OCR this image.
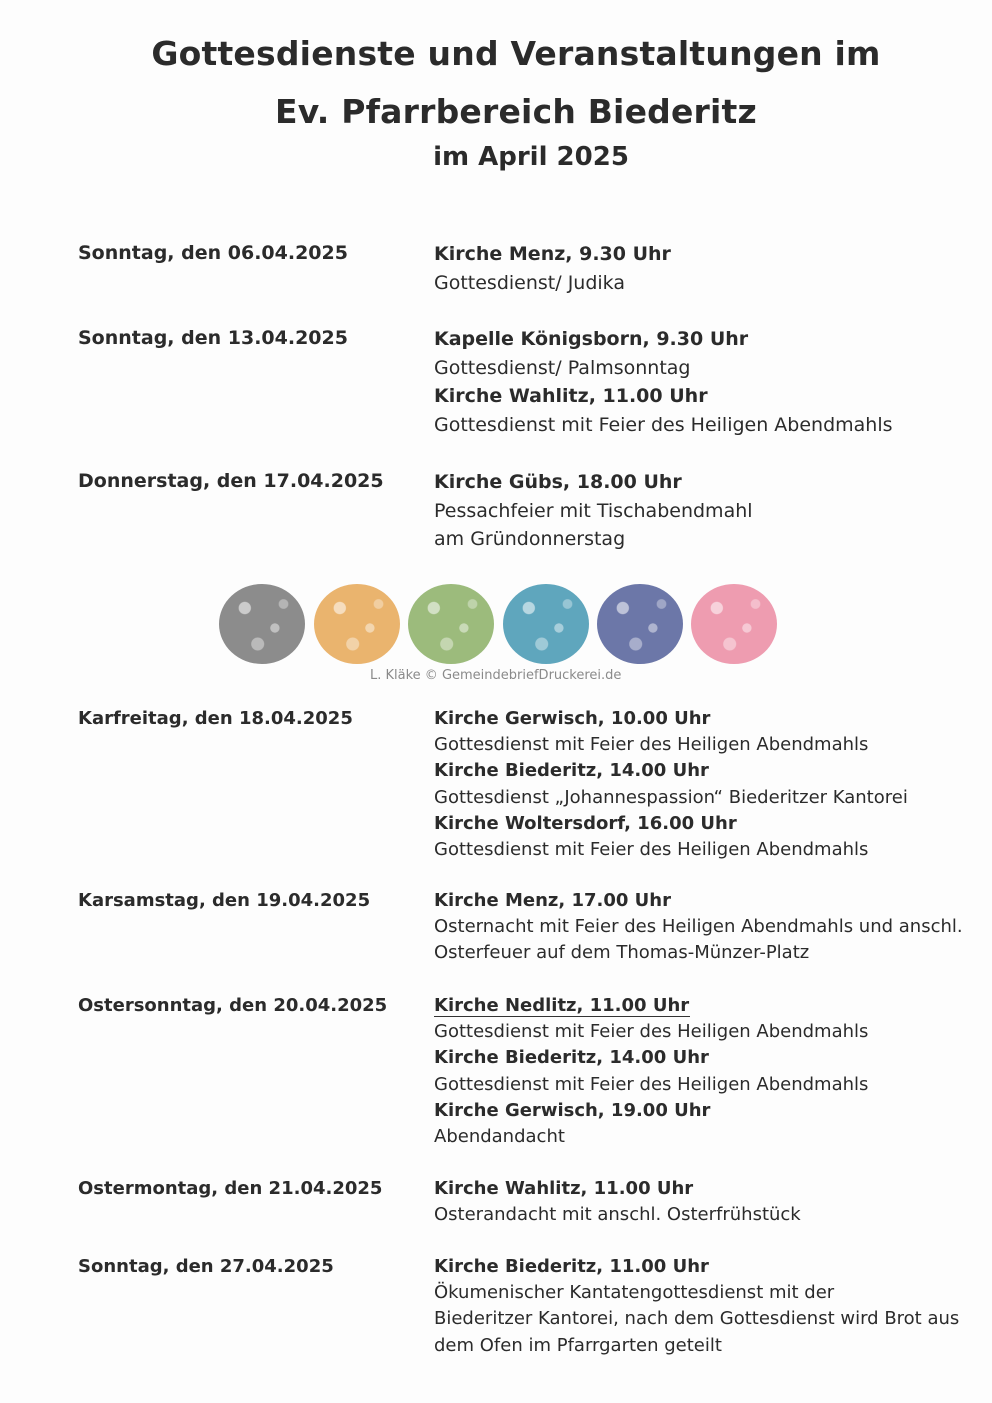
Gottesdienste und Veranstaltungen im
Ev. Pfarrbereich Biederitz
im April 2025
Sonntag, den 06.04.2025	Kirche Menz, 9.30 Uhr
Gottesdienst/ Judika
Sonntag, den 13.04.2025	Kapelle Königsborn, 9.30 Uhr
Gottesdienst/ Palmsonntag
Kirche Wahlitz, 11.00 Uhr
Gottesdienst mit Feier des Heiligen Abendmahls
Donnerstag, den 17.04.2025	Kirche Gübs, 18.00 Uhr
Pessachfeier mit Tischabendmahl
am Gründonnerstag
Karfreitag, den 18.04.2025	Kirche Gerwisch, 10.00 Uhr
Gottesdienst mit Feier des Heiligen Abendmahls
Kirche Biederitz, 14.00 Uhr
Gottesdienst „Johannespassion“ Biederitzer Kantorei
Kirche Woltersdorf, 16.00 Uhr
Gottesdienst mit Feier des Heiligen Abendmahls
Karsamstag, den 19.04.2025	Kirche Menz, 17.00 Uhr
Osternacht mit Feier des Heiligen Abendmahls und anschl.
Osterfeuer auf dem Thomas-Münzer-Platz
Ostersonntag, den 20.04.2025	Kirche Nedlitz, 11.00 Uhr
Gottesdienst mit Feier des Heiligen Abendmahls
Kirche Biederitz, 14.00 Uhr
Gottesdienst mit Feier des Heiligen Abendmahls
Kirche Gerwisch, 19.00 Uhr
Abendandacht
Ostermontag, den 21.04.2025	Kirche Wahlitz, 11.00 Uhr
Osterandacht mit anschl. Osterfrühstück
Sonntag, den 27.04.2025	Kirche Biederitz, 11.00 Uhr
Ökumenischer Kantatengottesdienst mit der
Biederitzer Kantorei, nach dem Gottesdienst wird Brot aus
dem Ofen im Pfarrgarten geteilt
L. Kläke © GemeindebriefDruckerei.de
